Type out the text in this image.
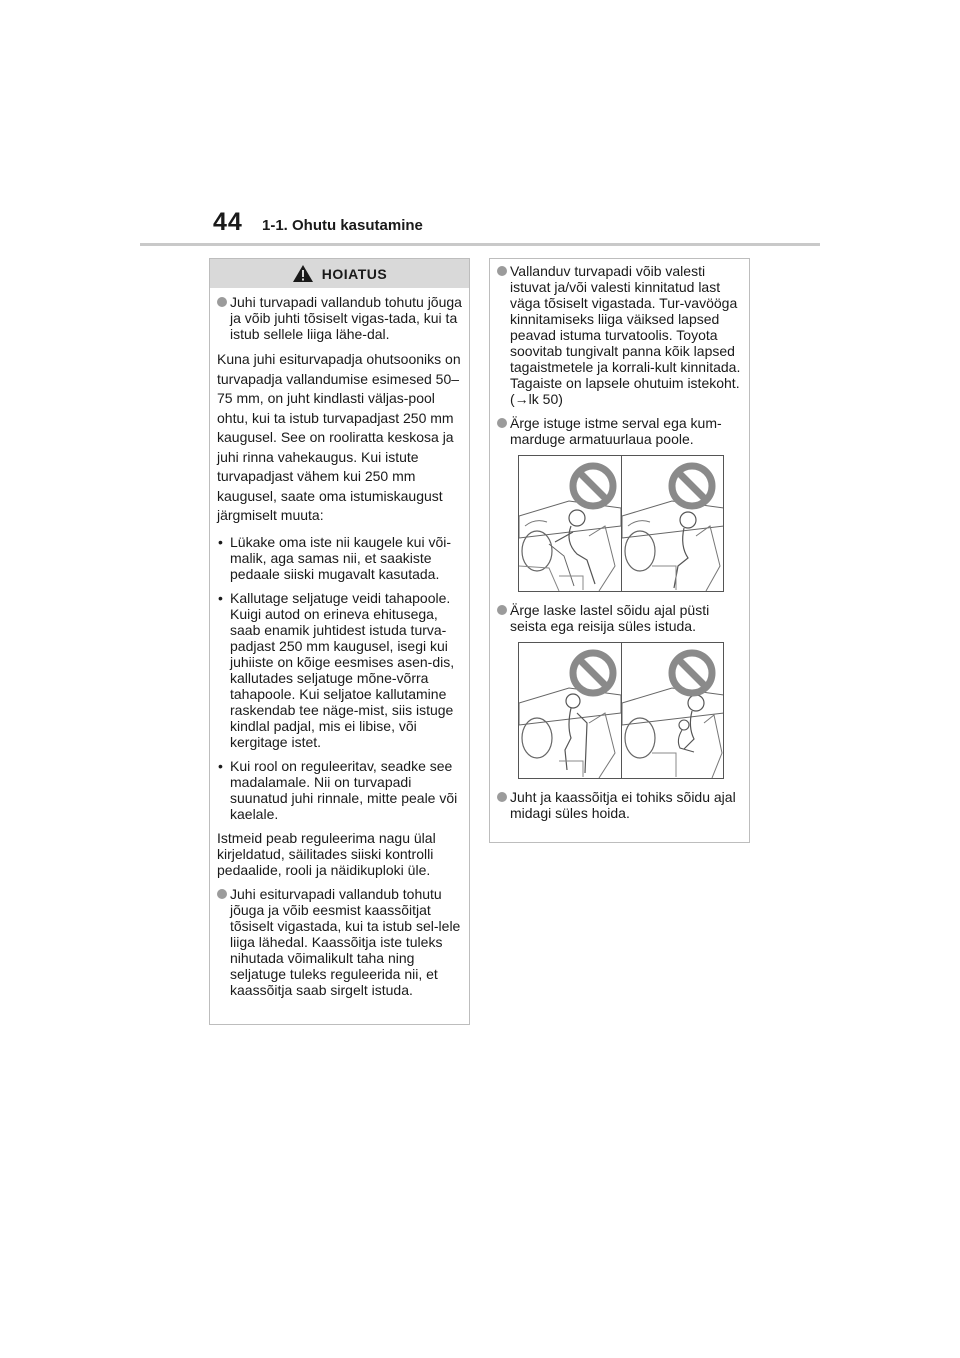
44 1-1. Ohutu kasutamine
HOIATUS
Juhi turvapadi vallandub tohutu jõuga ja võib juhti tõsiselt vigas-tada, kui ta istub sellele liiga lähe-dal.
Kuna juhi esiturvapadja ohutsooniks on turvapadja vallandumise esimesed 50–75 mm, on juht kindlasti väljas-pool ohtu, kui ta istub turvapadjast 250 mm kaugusel. See on rooliratta keskosa ja juhi rinna vahekaugus. Kui istute turvapadjast vähem kui 250 mm kaugusel, saate oma istumiskaugust järgmiselt muuta:
• Lükake oma iste nii kaugele kui või-malik, aga samas nii, et saakiste pedaale siiski mugavalt kasutada.
• Kallutage seljatuge veidi tahapoole. Kuigi autod on erineva ehitusega, saab enamik juhtidest istuda turva-padjast 250 mm kaugusel, isegi kui juhiiste on kõige eesmises asen-dis, kallutades seljatuge mõne-võrra tahapoole. Kui seljatoe kallutamine raskendab tee näge-mist, siis istuge kindlal padjal, mis ei libise, või kergitage istet.
• Kui rool on reguleeritav, seadke see madalamale. Nii on turvapadi suunatud juhi rinnale, mitte peale või kaelale.
Istmeid peab reguleerima nagu ülal kirjeldatud, säilitades siiski kontrolli pedaalide, rooli ja näidikuploki üle.
Juhi esiturvapadi vallandub tohutu jõuga ja võib eesmist kaassõitjat tõsiselt vigastada, kui ta istub sel-lele liiga lähedal. Kaassõitja iste tuleks nihutada võimalikult taha ning seljatuge tuleks reguleerida nii, et kaassõitja saab sirgelt istuda.
Vallanduv turvapadi võib valesti istuvat ja/või valesti kinnitatud last väga tõsiselt vigastada. Tur-vavööga kinnitamiseks liiga väiksed lapsed peavad istuma turvatoolis. Toyota soovitab tungivalt panna kõik lapsed tagaistmetele ja korrali-kult kinnitada. Tagaiste on lapsele ohutuim istekoht. (→lk 50)
Ärge istuge istme serval ega kum-marduge armatuurlaua poole.
Ärge laske lastel sõidu ajal püsti seista ega reisija süles istuda.
Juht ja kaassõitja ei tohiks sõidu ajal midagi süles hoida.
